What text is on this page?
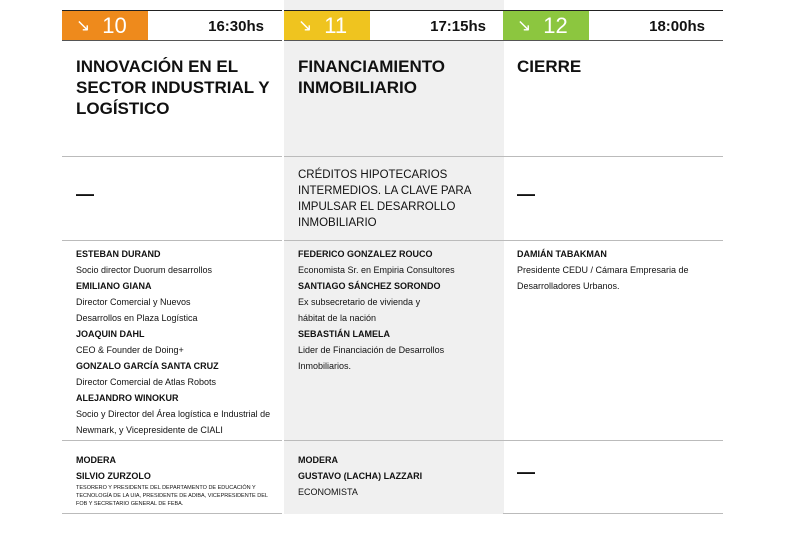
↘ 10	16:30hs
INNOVACIÓN EN EL SECTOR INDUSTRIAL Y LOGÍSTICO
—
ESTEBAN DURAND
Socio director Duorum desarrollos
EMILIANO GIANA
Director Comercial y Nuevos Desarrollos en Plaza Logística
JOAQUIN DAHL
CEO & Founder de Doing+
GONZALO GARCÍA SANTA CRUZ
Director Comercial de Atlas Robots
ALEJANDRO WINOKUR
Socio y Director del Área logística e Industrial de Newmark, y Vicepresidente de CIALI
MODERA
SILVIO ZURZOLO
TESORERO Y PRESIDENTE DEL DEPARTAMENTO DE EDUCACIÓN Y TECNOLOGÍA DE LA UIA, PRESIDENTE DE ADIBA, VICEPRESIDENTE DEL FOB Y SECRETARIO GENERAL DE FEBA.
↘ 11	17:15hs
FINANCIAMIENTO INMOBILIARIO
CRÉDITOS HIPOTECARIOS INTERMEDIOS. LA CLAVE PARA IMPULSAR EL DESARROLLO INMOBILIARIO
FEDERICO GONZALEZ ROUCO
Economista Sr. en Empiria Consultores
SANTIAGO SÁNCHEZ SORONDO
Ex subsecretario de vivienda y hábitat de la nación
SEBASTIÁN LAMELA
Lider de Financiación de Desarrollos Inmobiliarios.
MODERA
GUSTAVO (LACHA) LAZZARI
ECONOMISTA
↘ 12	18:00hs
CIERRE
—
DAMIÁN TABAKMAN
Presidente CEDU / Cámara Empresaria de Desarrolladores Urbanos.
—
